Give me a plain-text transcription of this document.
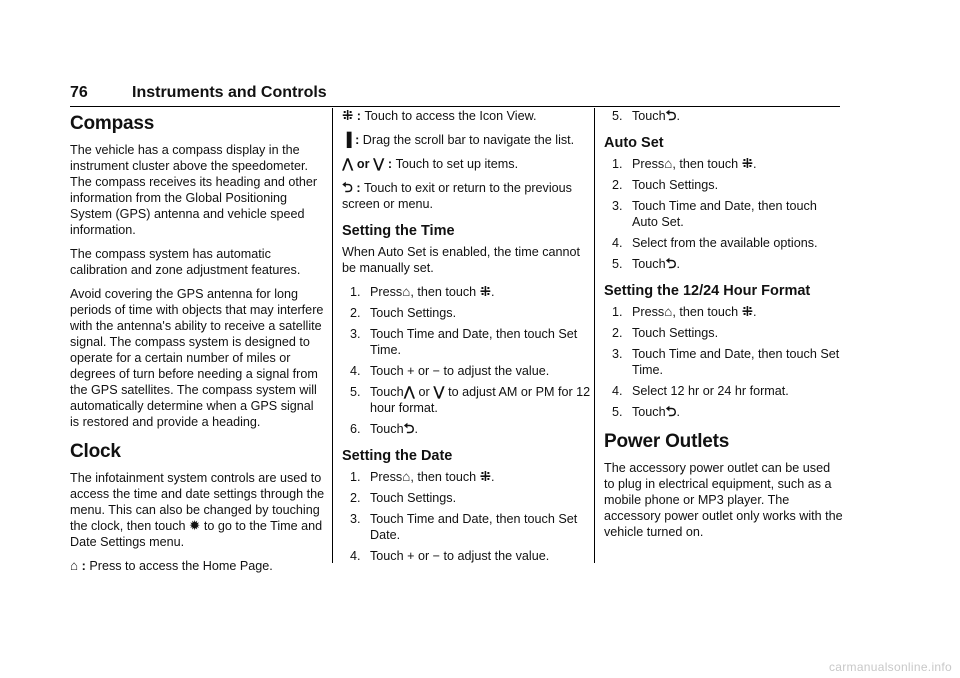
76	Instruments and Controls
Compass

The vehicle has a compass display in the instrument cluster above the speedometer. The compass receives its heading and other information from the Global Positioning System (GPS) antenna and vehicle speed information.

The compass system has automatic calibration and zone adjustment features.

Avoid covering the GPS antenna for long periods of time with objects that may interfere with the antenna's ability to receive a satellite signal. The compass system is designed to operate for a certain number of miles or degrees of turn before needing a signal from the GPS satellites. The compass system will automatically determine when a GPS signal is restored and provide a heading.

Clock

The infotainment system controls are used to access the time and date settings through the menu. This can also be changed by touching the clock, then touch ✹ to go to the Time and Date Settings menu.

⌂ : Press to access the Home Page.

⁜ : Touch to access the Icon View.

▐ : Drag the scroll bar to navigate the list.

⋀ or ⋁ : Touch to set up items.

⮌ : Touch to exit or return to the previous screen or menu.

Setting the Time

When Auto Set is enabled, the time cannot be manually set.

1. Press⌂, then touch ⁜.
2. Touch Settings.
3. Touch Time and Date, then touch Set Time.
4. Touch + or − to adjust the value.
5. Touch⋀ or ⋁ to adjust AM or PM for 12 hour format.
6. Touch⮌.
Setting the Date
1. Press⌂, then touch ⁜.
2. Touch Settings.
3. Touch Time and Date, then touch Set Date.
4. Touch + or − to adjust the value.
5. Touch⮌.
Auto Set
1. Press⌂, then touch ⁜.
2. Touch Settings.
3. Touch Time and Date, then touch Auto Set.
4. Select from the available options.
5. Touch⮌.
Setting the 12/24 Hour Format
1. Press⌂, then touch ⁜.
2. Touch Settings.
3. Touch Time and Date, then touch Set Time.
4. Select 12 hr or 24 hr format.
5. Touch⮌.
Power Outlets

The accessory power outlet can be used to plug in electrical equipment, such as a mobile phone or MP3 player. The accessory power outlet only works with the vehicle turned on.

carmanualsonline.info
